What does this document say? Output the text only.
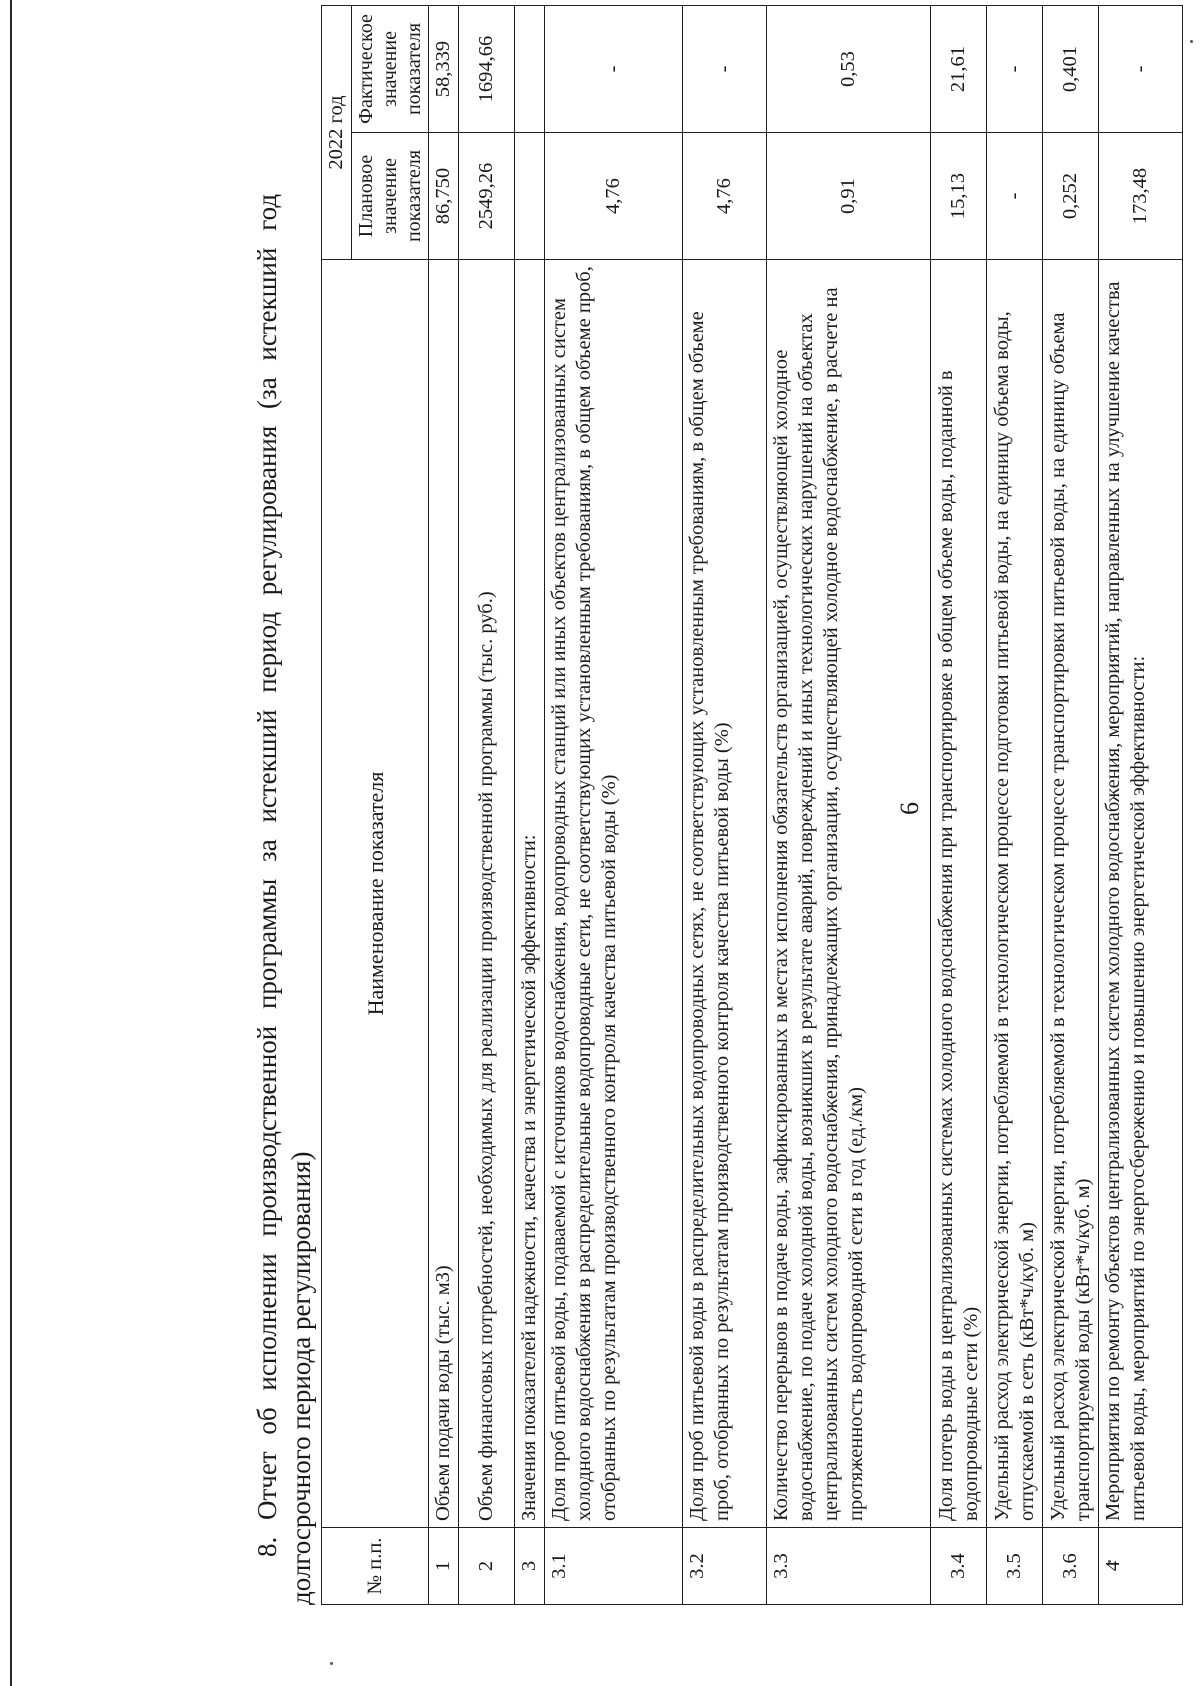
6
8. Отчет об исполнении производственной программы за истекший период регулирования (за истекший год долгосрочного периода регулирования) № п.п.	Наименование показателя	2022 год	
		Плановое значение показателя	Фактическое значение показателя
1	Объем подачи воды (тыс. м3)	86,750	58,339
2	Объем финансовых потребностей, необходимых для реализации производственной программы (тыс. руб.)	2549,26	1694,66
3	Значения показателей надежности, качества и энергетической эффективности:		
3.1	Доля проб питьевой воды, подаваемой с источников водоснабжения, водопроводных станций или иных объектов централизованных систем холодного водоснабжения в распределительные водопроводные сети, не соответствующих установленным требованиям, в общем объеме проб, отобранных по результатам производственного контроля качества питьевой воды (%)	4,76	-
3.2	Доля проб питьевой воды в распределительных водопроводных сетях, не соответствующих установленным требованиям, в общем объеме проб, отобранных по результатам производственного контроля качества питьевой воды (%)	4,76	-
3.3	Количество перерывов в подаче воды, зафиксированных в местах исполнения обязательств организацией, осуществляющей холодное водоснабжение, по подаче холодной воды, возникших в результате аварий, повреждений и иных технологических нарушений на объектах централизованных систем холодного водоснабжения, принадлежащих организации, осуществляющей холодное водоснабжение, в расчете на протяженность водопроводной сети в год (ед./км)	0,91	0,53
3.4	Доля потерь воды в централизованных системах холодного водоснабжения при транспортировке в общем объеме воды, поданной в водопроводные сети (%)	15,13	21,61
3.5	Удельный расход электрической энергии, потребляемой в технологическом процессе подготовки питьевой воды, на единицу объема воды, отпускаемой в сеть (кВт*ч/куб. м)	-	-
3.6	Удельный расход электрической энергии, потребляемой в технологическом процессе транспортировки питьевой воды, на единицу объема транспортируемой воды (кВт*ч/куб. м)	0,252	0,401
4	Мероприятия по ремонту объектов централизованных систем холодного водоснабжения, мероприятий, направленных на улучшение качества питьевой воды, мероприятий по энергосбережению и повышению энергетической эффективности:	173,48	-
